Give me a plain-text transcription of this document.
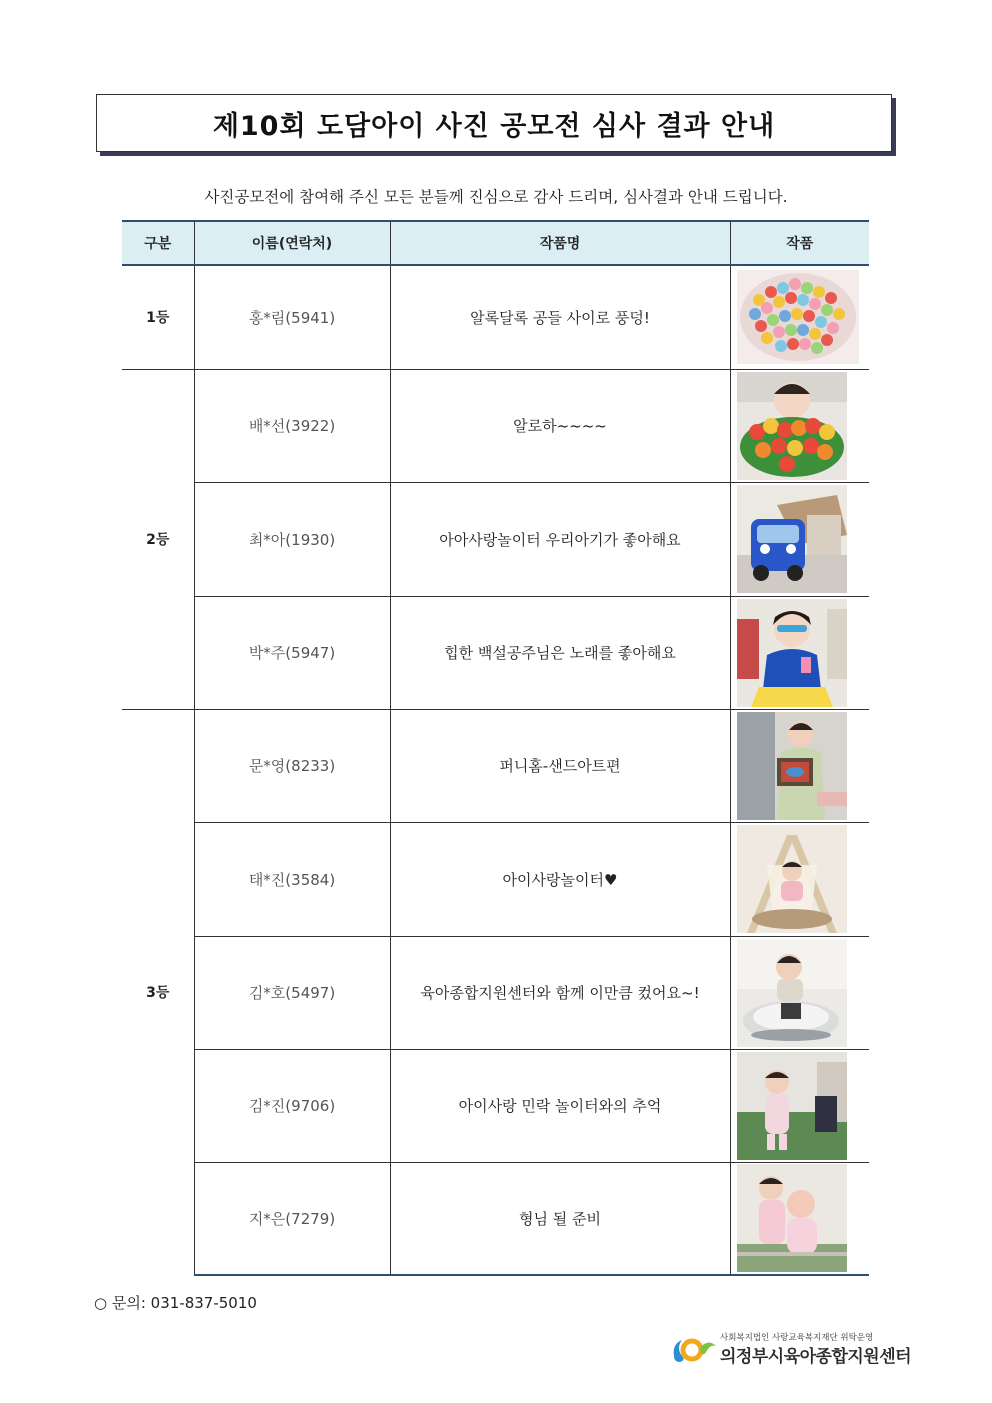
제10회 도담아이 사진 공모전 심사 결과 안내
사진공모전에 참여해 주신 모든 분들께 진심으로 감사 드리며, 심사결과 안내 드립니다.
구분	이름(연락처)	작품명	작품
1등	홍*림(5941)	알록달록 공들 사이로 풍덩!	

2등	배*선(3922)	알로하~~~~	

	최*아(1930)	아아사랑놀이터 우리아기가 좋아해요	

	박*주(5947)	힙한 백설공주님은 노래를 좋아해요	

3등	문*영(8233)	퍼니홈-샌드아트편	

	태*진(3584)	아이사랑놀이터♥	

	김*호(5497)	육아종합지원센터와 함께 이만큼 컸어요~!	

	김*진(9706)	아이사랑 민락 놀이터와의 추억	

	지*은(7279)	형님 될 준비	
○ 문의: 031-837-5010
사회복지법인 사랑교육복지재단 위탁운영
의정부시육아종합지원센터
